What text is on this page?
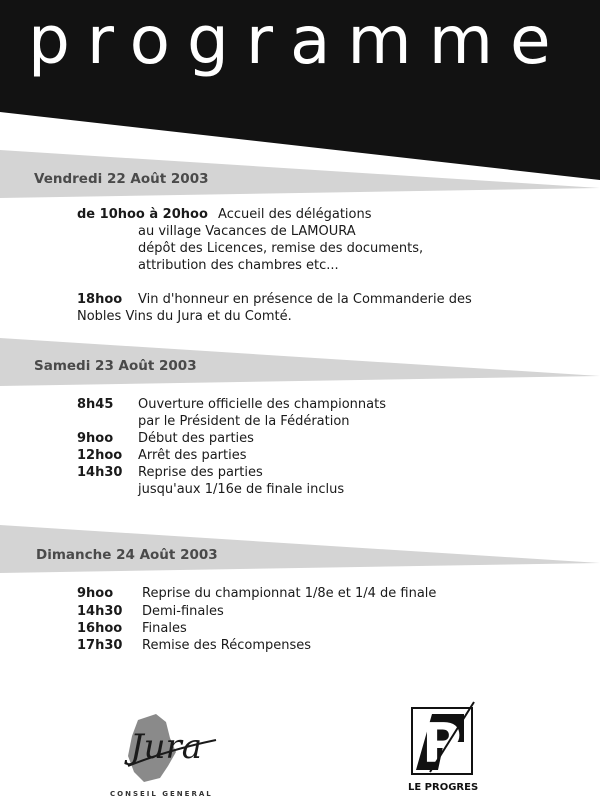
programme
Vendredi 22 Août 2003
de 10hoo à 20hoo Accueil des délégations
au village Vacances de LAMOURA
dépôt des Licences, remise des documents,
attribution des chambres etc...
18hoo Vin d'honneur en présence de la Commanderie des
Nobles Vins du Jura et du Comté.
Samedi 23 Août 2003
8h45 Ouverture officielle des championnats
par le Président de la Fédération
9hoo Début des parties
12hoo Arrêt des parties
14h30 Reprise des parties
jusqu'aux 1/16e de finale inclus
Dimanche 24 Août 2003
9hoo Reprise du championnat 1/8e et 1/4 de finale
14h30 Demi-finales
16hoo Finales
17h30 Remise des Récompenses
Jura
CONSEIL GENERAL
P
LE PROGRES
